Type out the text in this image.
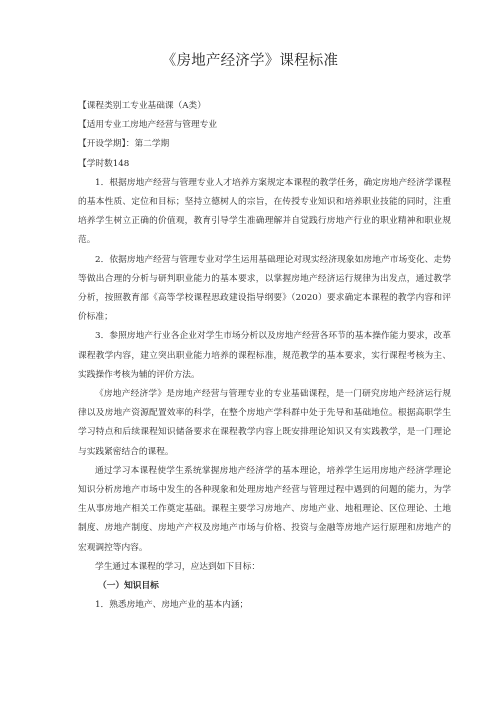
《房地产经济学》课程标准

【课程类别工专业基础课（A类）

【适用专业工房地产经营与管理专业

【开设学期】：第二学期

【学时数148

1．根据房地产经营与管理专业人才培养方案规定本课程的教学任务，确定房地产经济学课程的基本性质、定位和目标；坚持立德树人的宗旨，在传授专业知识和培养职业技能的同时，注重培养学生树立正确的价值观，教育引导学生准确理解并自觉践行房地产行业的职业精神和职业规范。

2．依据房地产经营与管理专业对学生运用基础理论对现实经济现象如房地产市场变化、走势等做出合理的分析与研判职业能力的基本要求，以掌握房地产经济运行规律为出发点，通过教学分析，按照教育部《高等学校课程思政建设指导纲要》（2020）要求确定本课程的教学内容和评价标准；

3．参照房地产行业各企业对学生市场分析以及房地产经营各环节的基本操作能力要求，改革课程教学内容，建立突出职业能力培养的课程标准，规范教学的基本要求，实行课程考核为主、实践操作考核为辅的评价方法。

《房地产经济学》是房地产经营与管理专业的专业基础课程，是一门研究房地产经济运行规律以及房地产资源配置效率的科学，在整个房地产学科群中处于先导和基础地位。根据高职学生学习特点和后续课程知识储备要求在课程教学内容上既安排理论知识又有实践教学，是一门理论与实践紧密结合的课程。

通过学习本课程使学生系统掌握房地产经济学的基本理论，培养学生运用房地产经济学理论知识分析房地产市场中发生的各种现象和处理房地产经营与管理过程中遇到的问题的能力，为学生从事房地产相关工作奠定基础。课程主要学习房地产、房地产业、地租理论、区位理论、土地制度、房地产制度、房地产产权及房地产市场与价格、投资与金融等房地产运行原理和房地产的宏观调控等内容。

学生通过本课程的学习，应达到如下目标：

（一）知识目标

1．熟悉房地产、房地产业的基本内涵；
